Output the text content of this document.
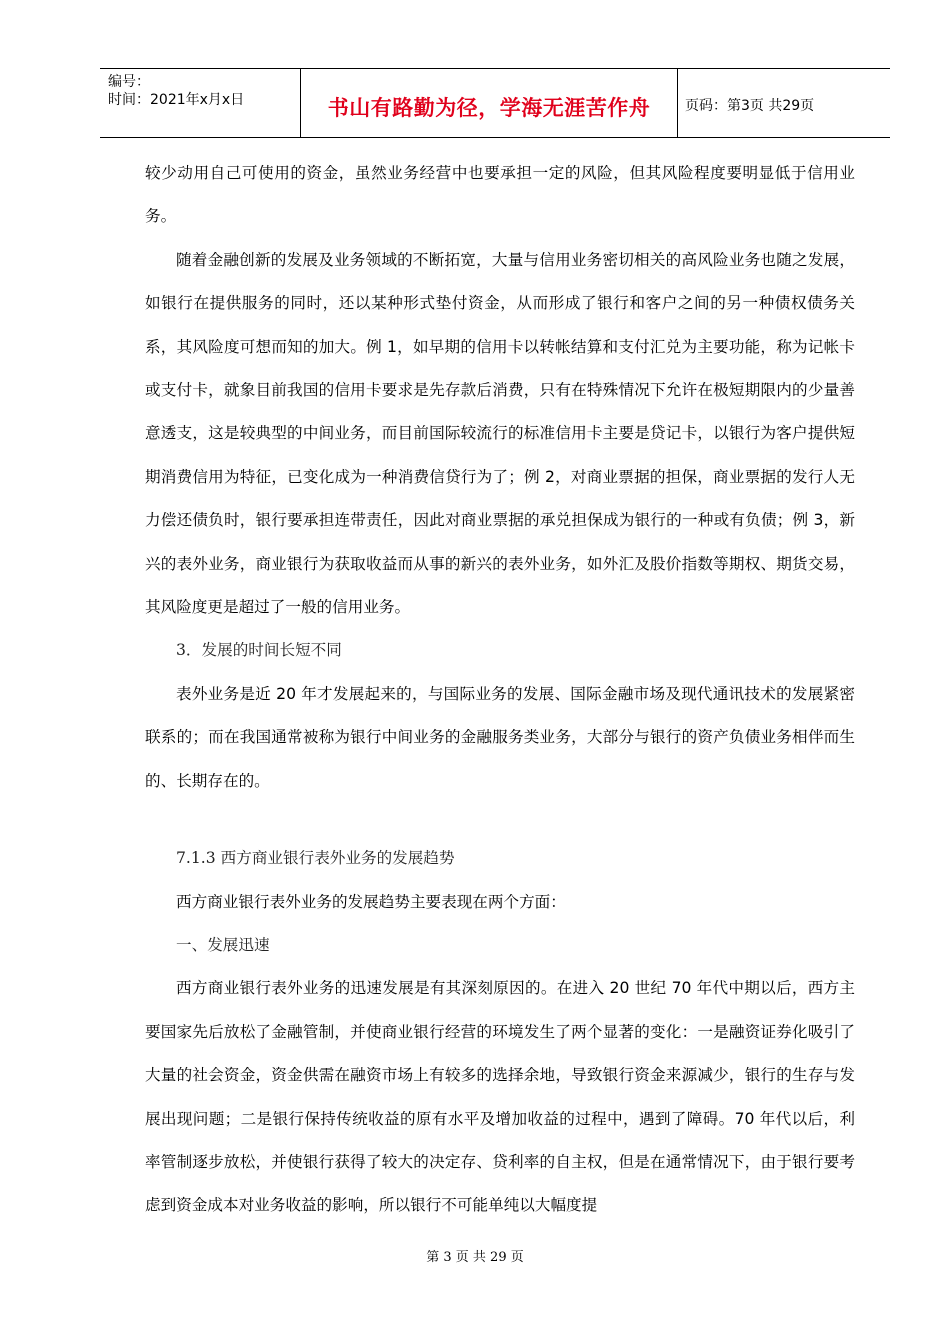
编号：
时间：2021年x月x日	书山有路勤为径，学海无涯苦作舟	页码：第3页 共29页

较少动用自己可使用的资金，虽然业务经营中也要承担一定的风险，但其风险程度要明显低于信用业务。

随着金融创新的发展及业务领域的不断拓宽，大量与信用业务密切相关的高风险业务也随之发展，如银行在提供服务的同时，还以某种形式垫付资金，从而形成了银行和客户之间的另一种债权债务关系，其风险度可想而知的加大。例 1，如早期的信用卡以转帐结算和支付汇兑为主要功能，称为记帐卡或支付卡，就象目前我国的信用卡要求是先存款后消费，只有在特殊情况下允许在极短期限内的少量善意透支，这是较典型的中间业务，而目前国际较流行的标准信用卡主要是贷记卡，以银行为客户提供短期消费信用为特征，已变化成为一种消费信贷行为了；例 2，对商业票据的担保，商业票据的发行人无力偿还债负时，银行要承担连带责任，因此对商业票据的承兑担保成为银行的一种或有负债；例 3，新兴的表外业务，商业银行为获取收益而从事的新兴的表外业务，如外汇及股价指数等期权、期货交易，其风险度更是超过了一般的信用业务。

3．发展的时间长短不同

表外业务是近 20 年才发展起来的，与国际业务的发展、国际金融市场及现代通讯技术的发展紧密联系的；而在我国通常被称为银行中间业务的金融服务类业务，大部分与银行的资产负债业务相伴而生的、长期存在的。

7.1.3 西方商业银行表外业务的发展趋势

西方商业银行表外业务的发展趋势主要表现在两个方面：

一、发展迅速

西方商业银行表外业务的迅速发展是有其深刻原因的。在进入 20 世纪 70 年代中期以后，西方主要国家先后放松了金融管制，并使商业银行经营的环境发生了两个显著的变化：一是融资证券化吸引了大量的社会资金，资金供需在融资市场上有较多的选择余地，导致银行资金来源减少，银行的生存与发展出现问题；二是银行保持传统收益的原有水平及增加收益的过程中，遇到了障碍。70 年代以后，利率管制逐步放松，并使银行获得了较大的决定存、贷利率的自主权，但是在通常情况下，由于银行要考虑到资金成本对业务收益的影响，所以银行不可能单纯以大幅度提

第 3 页 共 29 页
